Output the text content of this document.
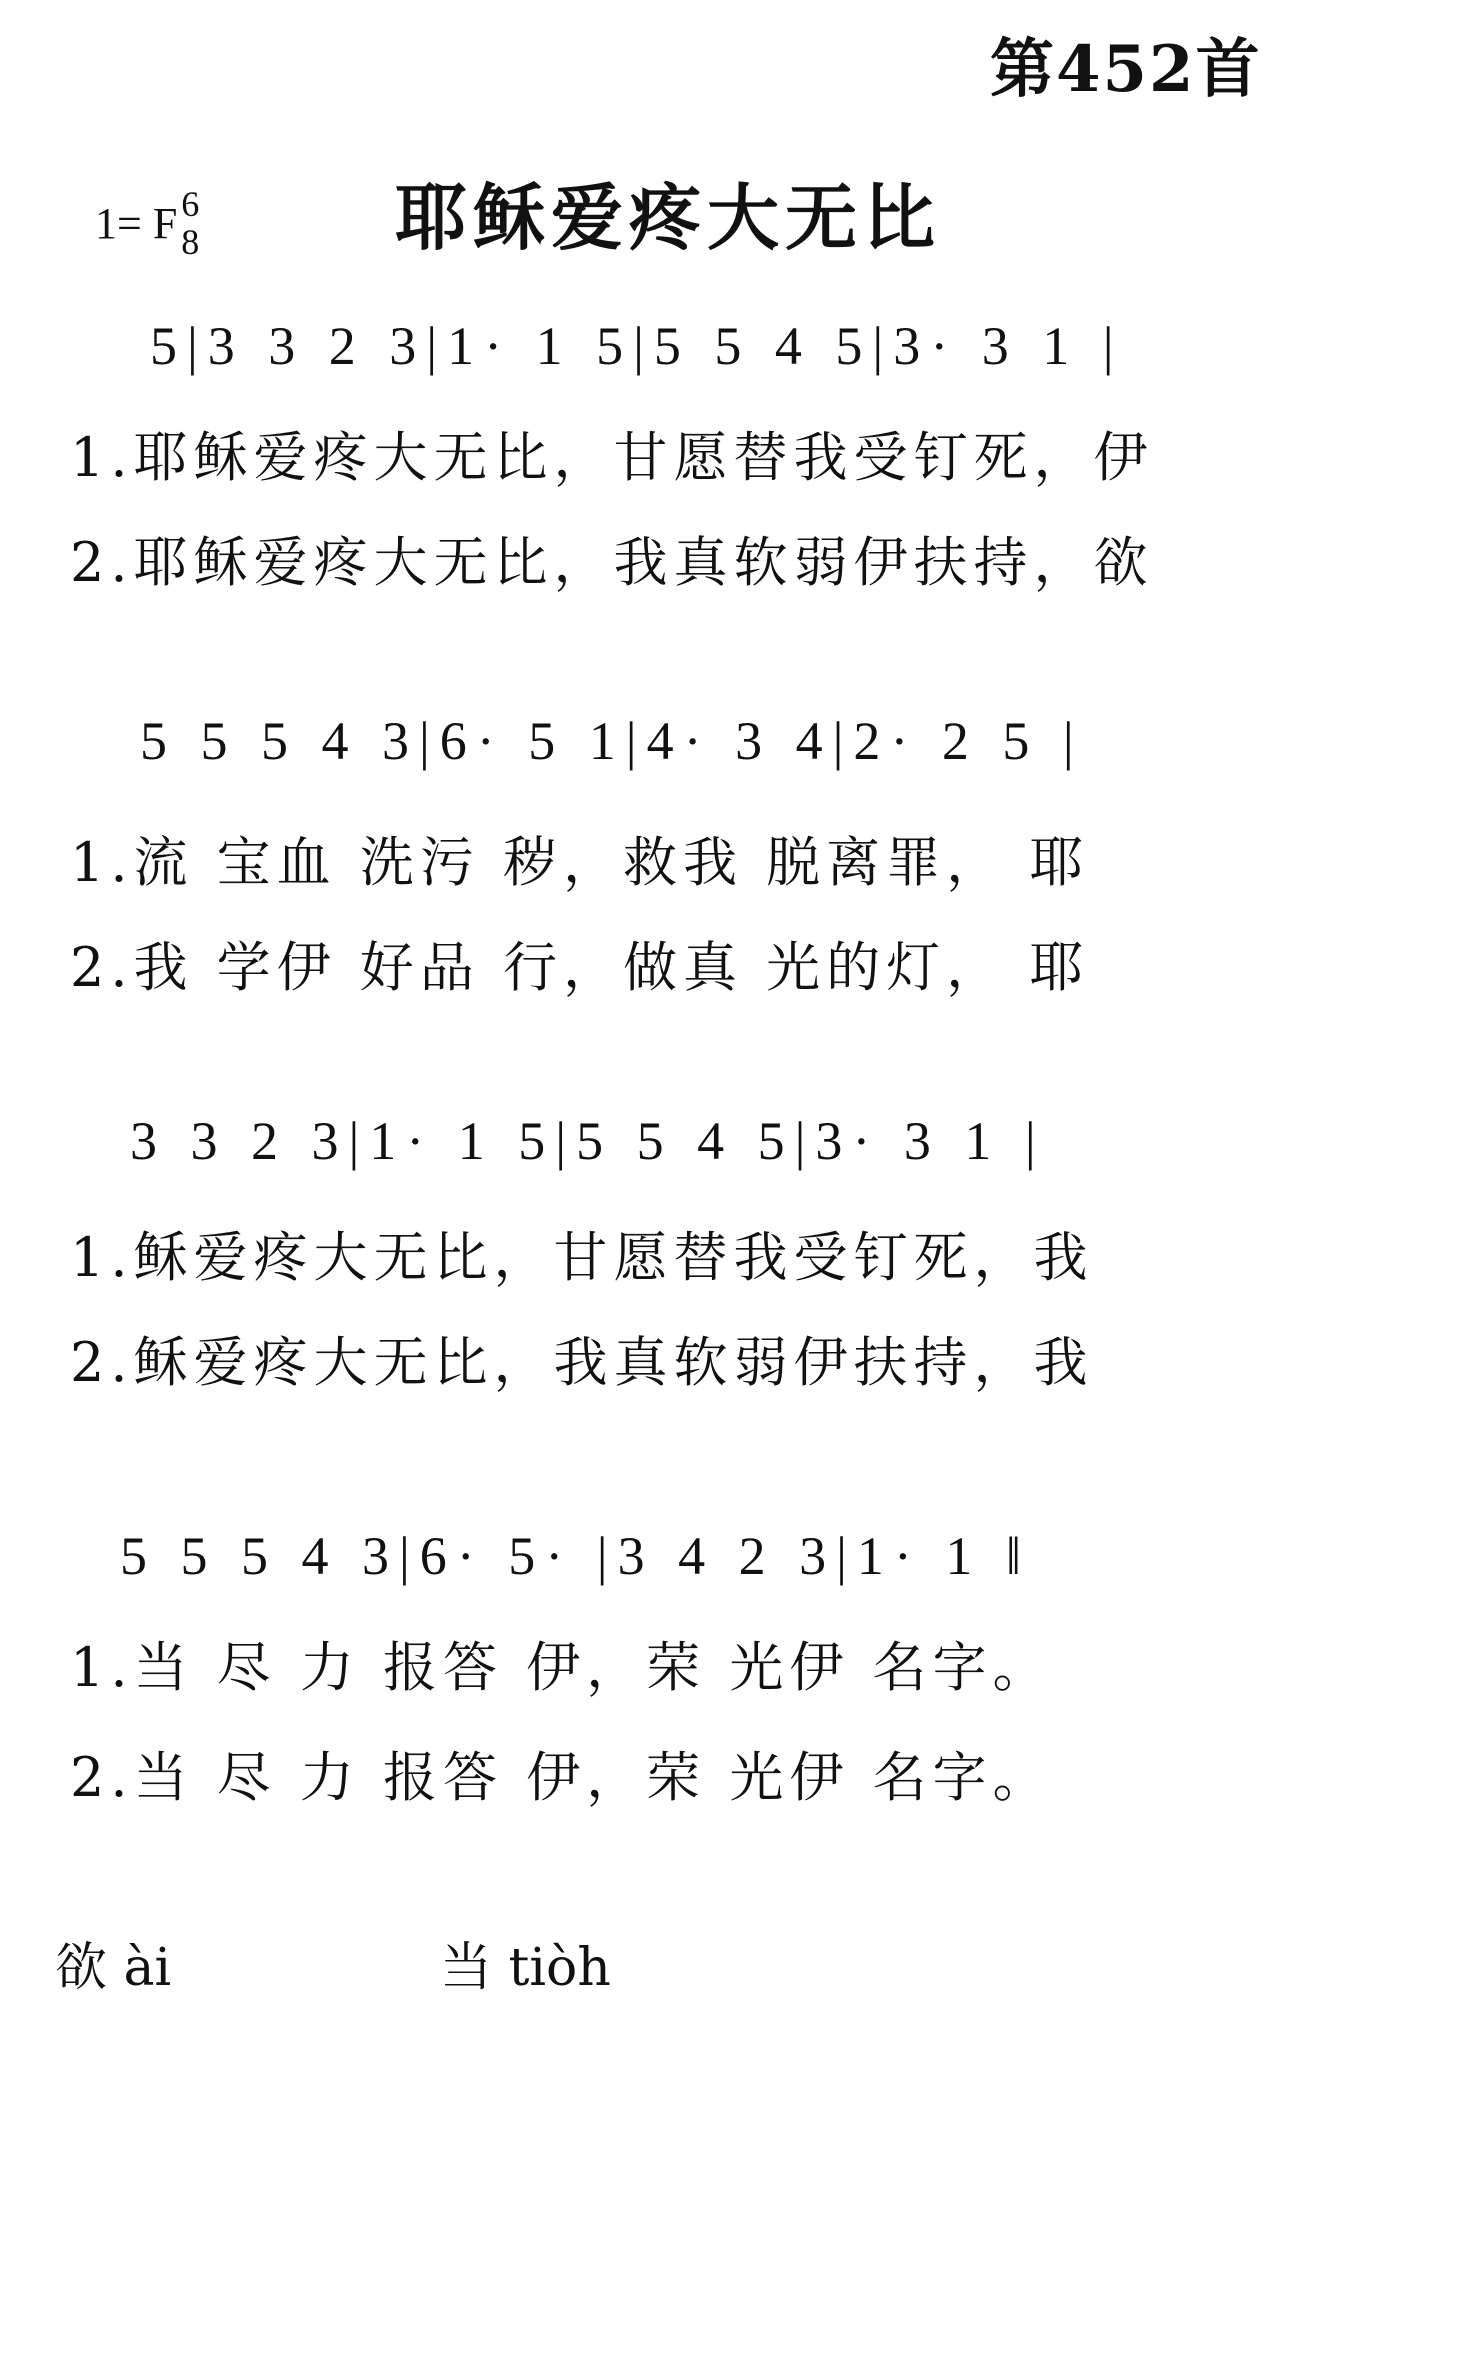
第452首
1= F 6
8	耶稣爱疼大无比
5|3 3 2 3|1· 1 5|5 5 4 5|3· 3 1 |
1.耶稣爱疼大无比，甘愿替我受钉死，伊
2.耶稣爱疼大无比，我真软弱伊扶持，欲
5 5 5 4 3|6· 5 1|4· 3 4|2· 2 5 |
1.流 宝血 洗污 秽，救我 脱离罪， 耶
2.我 学伊 好品 行，做真 光的灯， 耶
3 3 2 3|1· 1 5|5 5 4 5|3· 3 1 |
1.稣爱疼大无比，甘愿替我受钉死，我
2.稣爱疼大无比，我真软弱伊扶持，我
5 5 5 4 3|6· 5· |3 4 2 3|1· 1 ‖
1.当 尽 力 报答 伊，荣 光伊 名字。
2.当 尽 力 报答 伊，荣 光伊 名字。
欲 ài	当 tiòh
